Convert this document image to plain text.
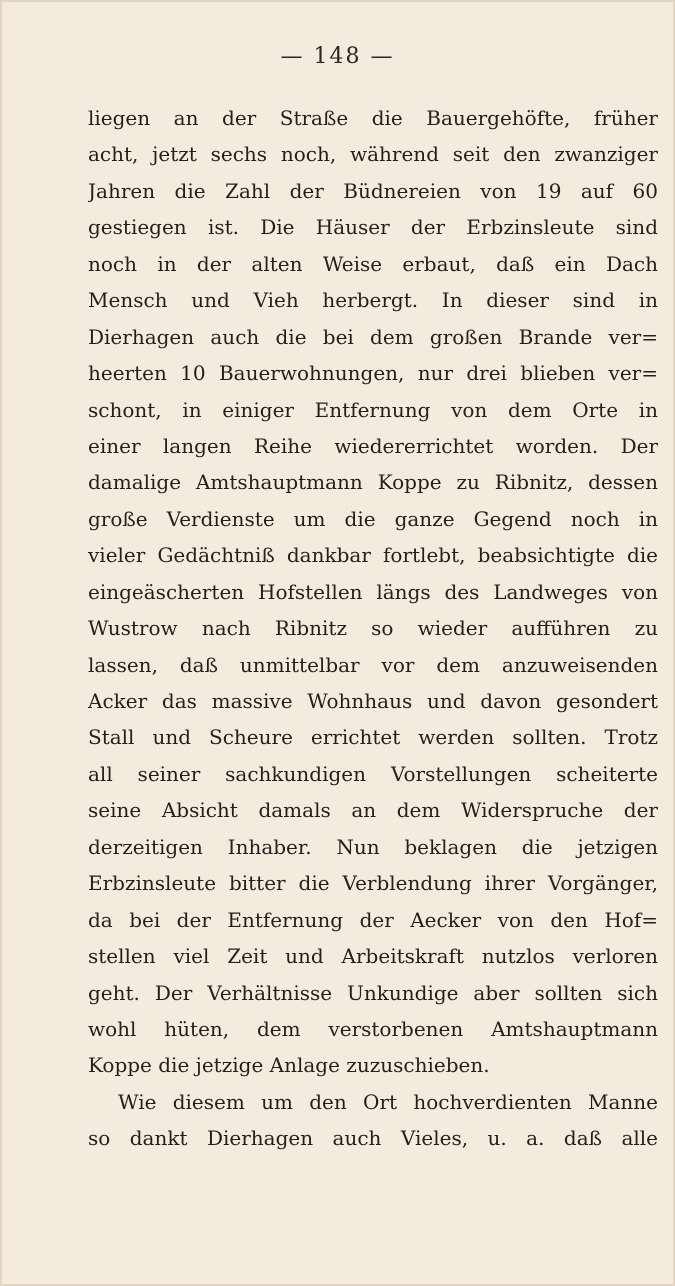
— 148 —
liegen an der Straße die Bauergehöfte, früher
acht, jetzt sechs noch, während seit den zwanziger
Jahren die Zahl der Büdnereien von 19 auf 60
gestiegen ist. Die Häuser der Erbzinsleute sind
noch in der alten Weise erbaut, daß ein Dach
Mensch und Vieh herbergt. In dieser sind in
Dierhagen auch die bei dem großen Brande ver=
heerten 10 Bauerwohnungen, nur drei blieben ver=
schont, in einiger Entfernung von dem Orte in
einer langen Reihe wiedererrichtet worden. Der
damalige Amtshauptmann Koppe zu Ribnitz, dessen
große Verdienste um die ganze Gegend noch in
vieler Gedächtniß dankbar fortlebt, beabsichtigte die
eingeäscherten Hofstellen längs des Landweges von
Wustrow nach Ribnitz so wieder aufführen zu
lassen, daß unmittelbar vor dem anzuweisenden
Acker das massive Wohnhaus und davon gesondert
Stall und Scheure errichtet werden sollten. Trotz
all seiner sachkundigen Vorstellungen scheiterte
seine Absicht damals an dem Widerspruche der
derzeitigen Inhaber. Nun beklagen die jetzigen
Erbzinsleute bitter die Verblendung ihrer Vorgänger,
da bei der Entfernung der Aecker von den Hof=
stellen viel Zeit und Arbeitskraft nutzlos verloren
geht. Der Verhältnisse Unkundige aber sollten sich
wohl hüten, dem verstorbenen Amtshauptmann
Koppe die jetzige Anlage zuzuschieben.
Wie diesem um den Ort hochverdienten Manne
so dankt Dierhagen auch Vieles, u. a. daß alle
